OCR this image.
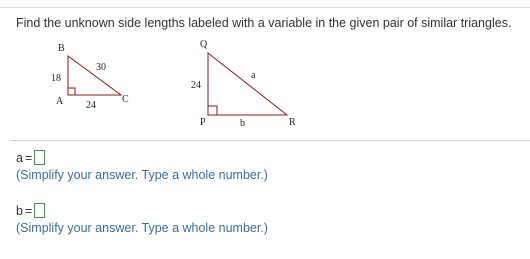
Find the unknown side lengths labeled with a variable in the given pair of similar triangles.
B
A	C
18
30
24
Q
P	R
24
a
b
a =
(Simplify your answer. Type a whole number.)
b =
(Simplify your answer. Type a whole number.)
